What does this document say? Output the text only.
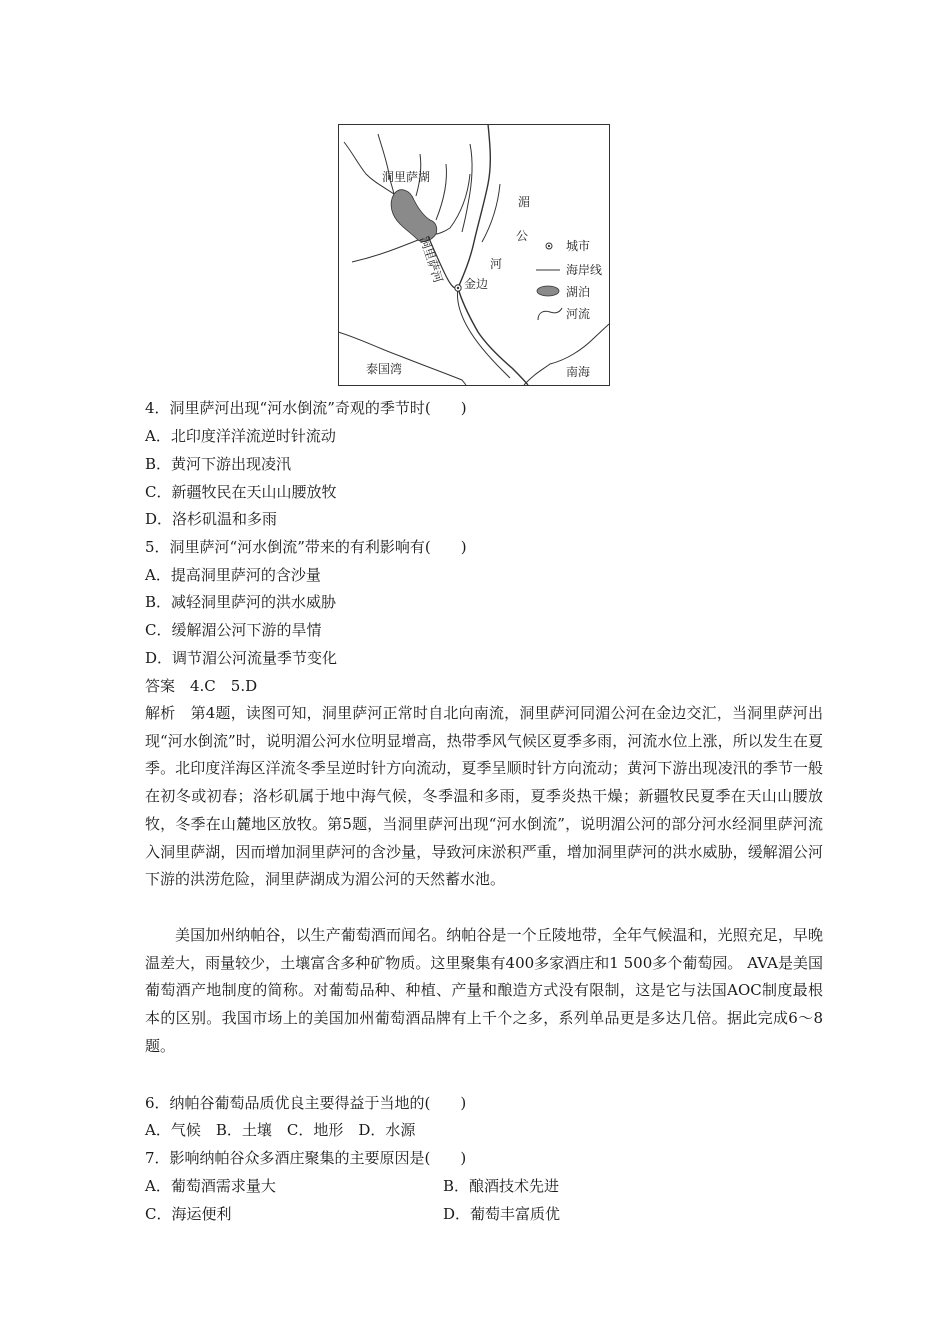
洞里萨湖
湄
公
河
洞里萨河 金边
泰国湾	南海
城市
海岸线
湖泊
河流
4．洞里萨河出现“河水倒流”奇观的季节时(　　)
A．北印度洋洋流逆时针流动
B．黄河下游出现凌汛
C．新疆牧民在天山山腰放牧
D．洛杉矶温和多雨
5．洞里萨河“河水倒流”带来的有利影响有(　　)
A．提高洞里萨河的含沙量
B．减轻洞里萨河的洪水威胁
C．缓解湄公河下游的旱情
D．调节湄公河流量季节变化
答案　4.C　5.D
解析　第4题，读图可知，洞里萨河正常时自北向南流，洞里萨河同湄公河在金边交汇，当洞里萨河出现“河水倒流”时，说明湄公河水位明显增高，热带季风气候区夏季多雨，河流水位上涨，所以发生在夏季。北印度洋海区洋流冬季呈逆时针方向流动，夏季呈顺时针方向流动；黄河下游出现凌汛的季节一般在初冬或初春；洛杉矶属于地中海气候，冬季温和多雨，夏季炎热干燥；新疆牧民夏季在天山山腰放牧，冬季在山麓地区放牧。第5题，当洞里萨河出现“河水倒流”，说明湄公河的部分河水经洞里萨河流入洞里萨湖，因而增加洞里萨河的含沙量，导致河床淤积严重，增加洞里萨河的洪水威胁，缓解湄公河下游的洪涝危险，洞里萨湖成为湄公河的天然蓄水池。
美国加州纳帕谷，以生产葡萄酒而闻名。纳帕谷是一个丘陵地带，全年气候温和，光照充足，早晚温差大，雨量较少，土壤富含多种矿物质。这里聚集有400多家酒庄和1 500多个葡萄园。 AVA是美国葡萄酒产地制度的简称。对葡萄品种、种植、产量和酿造方式没有限制，这是它与法国AOC制度最根本的区别。我国市场上的美国加州葡萄酒品牌有上千个之多，系列单品更是多达几倍。据此完成6～8题。
6．纳帕谷葡萄品质优良主要得益于当地的(　　)
A．气候　B．土壤　C．地形　D．水源
7．影响纳帕谷众多酒庄聚集的主要原因是(　　)
A．葡萄酒需求量大	B．酿酒技术先进
C．海运便利	D．葡萄丰富质优
